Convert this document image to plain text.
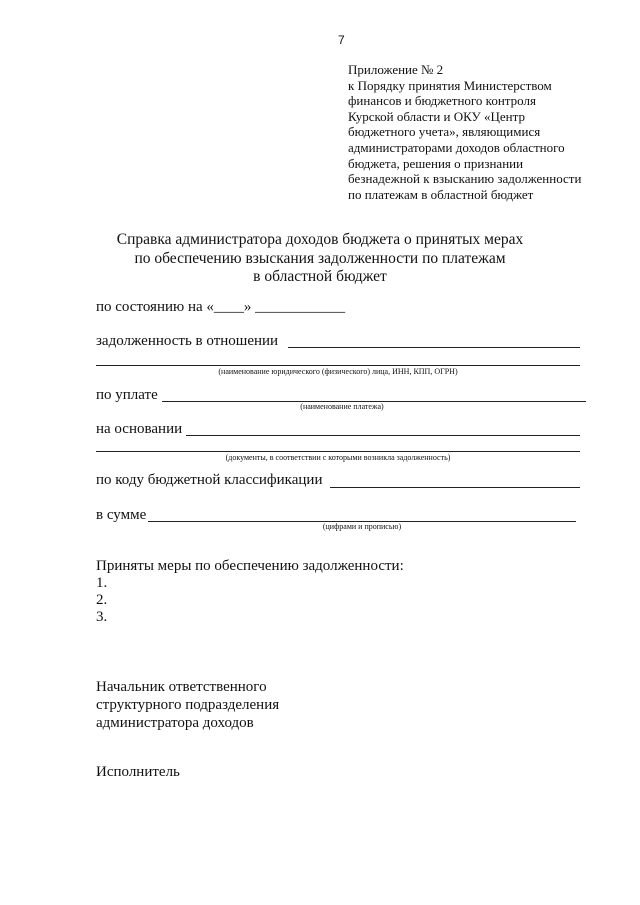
7
Приложение № 2
к Порядку принятия Министерством
финансов и бюджетного контроля
Курской области и ОКУ «Центр
бюджетного учета», являющимися
администраторами доходов областного
бюджета, решения о признании
безнадежной к взысканию задолженности
по платежам в областной бюджет
Справка администратора доходов бюджета о принятых мерах
по обеспечению взыскания задолженности по платежам
в областной бюджет
по состоянию на «____» ____________
задолженность в отношении
(наименование юридического (физического) лица, ИНН, КПП, ОГРН)
по уплате
(наименование платежа)
на основании
(документы, в соответствии с которыми возникла задолженность)
по коду бюджетной классификации
в сумме
(цифрами и прописью)
Приняты меры по обеспечению задолженности:
1.
2.
3.
Начальник ответственного
структурного подразделения
администратора доходов
Исполнитель
